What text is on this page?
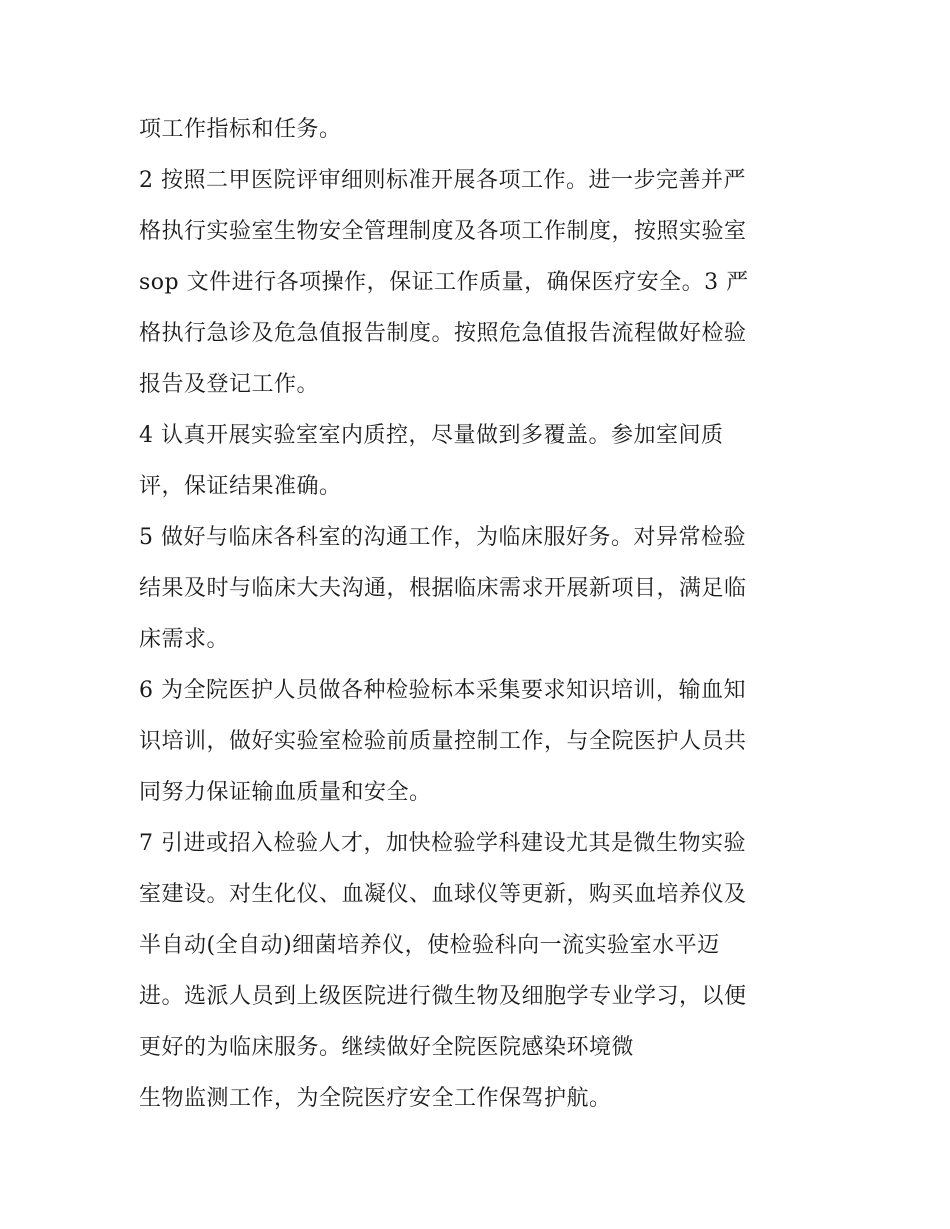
项工作指标和任务。
2 按照二甲医院评审细则标准开展各项工作。进一步完善并严
格执行实验室生物安全管理制度及各项工作制度，按照实验室
sop 文件进行各项操作，保证工作质量，确保医疗安全。3 严
格执行急诊及危急值报告制度。按照危急值报告流程做好检验
报告及登记工作。
4 认真开展实验室室内质控，尽量做到多覆盖。参加室间质
评，保证结果准确。
5 做好与临床各科室的沟通工作，为临床服好务。对异常检验
结果及时与临床大夫沟通，根据临床需求开展新项目，满足临
床需求。
6 为全院医护人员做各种检验标本采集要求知识培训，输血知
识培训，做好实验室检验前质量控制工作，与全院医护人员共
同努力保证输血质量和安全。
7 引进或招入检验人才，加快检验学科建设尤其是微生物实验
室建设。对生化仪、血凝仪、血球仪等更新，购买血培养仪及
半自动(全自动)细菌培养仪，使检验科向一流实验室水平迈
进。选派人员到上级医院进行微生物及细胞学专业学习，以便
更好的为临床服务。继续做好全院医院感染环境微
生物监测工作，为全院医疗安全工作保驾护航。
